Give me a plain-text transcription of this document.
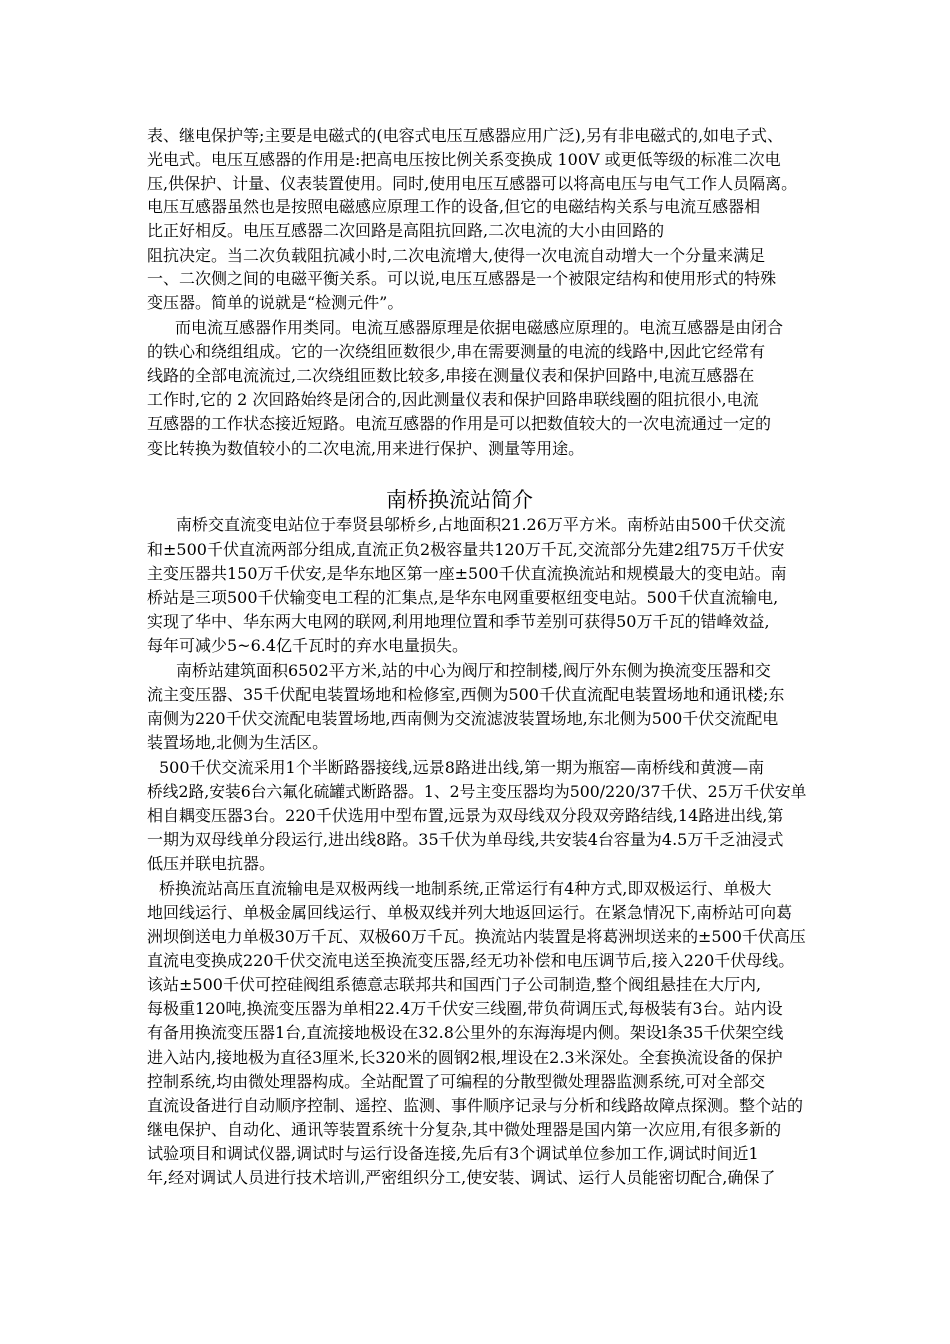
表、继电保护等;主要是电磁式的(电容式电压互感器应用广泛),另有非电磁式的,如电子式、
光电式。电压互感器的作用是:把高电压按比例关系变换成 100V 或更低等级的标准二次电
压,供保护、计量、仪表装置使用。同时,使用电压互感器可以将高电压与电气工作人员隔离。
电压互感器虽然也是按照电磁感应原理工作的设备,但它的电磁结构关系与电流互感器相
比正好相反。电压互感器二次回路是高阻抗回路,二次电流的大小由回路的
阻抗决定。当二次负载阻抗减小时,二次电流增大,使得一次电流自动增大一个分量来满足
一、二次侧之间的电磁平衡关系。可以说,电压互感器是一个被限定结构和使用形式的特殊
变压器。简单的说就是“检测元件”。
而电流互感器作用类同。电流互感器原理是依据电磁感应原理的。电流互感器是由闭合
的铁心和绕组组成。它的一次绕组匝数很少,串在需要测量的电流的线路中,因此它经常有
线路的全部电流流过,二次绕组匝数比较多,串接在测量仪表和保护回路中,电流互感器在
工作时,它的 2 次回路始终是闭合的,因此测量仪表和保护回路串联线圈的阻抗很小,电流
互感器的工作状态接近短路。电流互感器的作用是可以把数值较大的一次电流通过一定的
变比转换为数值较小的二次电流,用来进行保护、测量等用途。
南桥换流站简介
南桥交直流变电站位于奉贤县邬桥乡,占地面积21.26万平方米。南桥站由500千伏交流
和±500千伏直流两部分组成,直流正负2极容量共120万千瓦,交流部分先建2组75万千伏安
主变压器共150万千伏安,是华东地区第一座±500千伏直流换流站和规模最大的变电站。南
桥站是三项500千伏输变电工程的汇集点,是华东电网重要枢纽变电站。500千伏直流输电,
实现了华中、华东两大电网的联网,利用地理位置和季节差别可获得50万千瓦的错峰效益,
每年可减少5~6.4亿千瓦时的弃水电量损失。
南桥站建筑面积6502平方米,站的中心为阀厅和控制楼,阀厅外东侧为换流变压器和交
流主变压器、35千伏配电装置场地和检修室,西侧为500千伏直流配电装置场地和通讯楼;东
南侧为220千伏交流配电装置场地,西南侧为交流滤波装置场地,东北侧为500千伏交流配电
装置场地,北侧为生活区。
500千伏交流采用1个半断路器接线,远景8路进出线,第一期为瓶窑—南桥线和黄渡—南
桥线2路,安装6台六氟化硫罐式断路器。1、2号主变压器均为500/220/37千伏、25万千伏安单
相自耦变压器3台。220千伏选用中型布置,远景为双母线双分段双旁路结线,14路进出线,第
一期为双母线单分段运行,进出线8路。35千伏为单母线,共安装4台容量为4.5万千乏油浸式
低压并联电抗器。
桥换流站高压直流输电是双极两线一地制系统,正常运行有4种方式,即双极运行、单极大
地回线运行、单极金属回线运行、单极双线并列大地返回运行。在紧急情况下,南桥站可向葛
洲坝倒送电力单极30万千瓦、双极60万千瓦。换流站内装置是将葛洲坝送来的±500千伏高压
直流电变换成220千伏交流电送至换流变压器,经无功补偿和电压调节后,接入220千伏母线。
该站±500千伏可控硅阀组系德意志联邦共和国西门子公司制造,整个阀组悬挂在大厅内,
每极重120吨,换流变压器为单相22.4万千伏安三线圈,带负荷调压式,每极装有3台。站内设
有备用换流变压器1台,直流接地极设在32.8公里外的东海海堤内侧。架设l条35千伏架空线
进入站内,接地极为直径3厘米,长320米的圆钢2根,埋设在2.3米深处。全套换流设备的保护
控制系统,均由微处理器构成。全站配置了可编程的分散型微处理器监测系统,可对全部交
直流设备进行自动顺序控制、遥控、监测、事件顺序记录与分析和线路故障点探测。整个站的
继电保护、自动化、通讯等装置系统十分复杂,其中微处理器是国内第一次应用,有很多新的
试验项目和调试仪器,调试时与运行设备连接,先后有3个调试单位参加工作,调试时间近1
年,经对调试人员进行技术培训,严密组织分工,使安装、调试、运行人员能密切配合,确保了
